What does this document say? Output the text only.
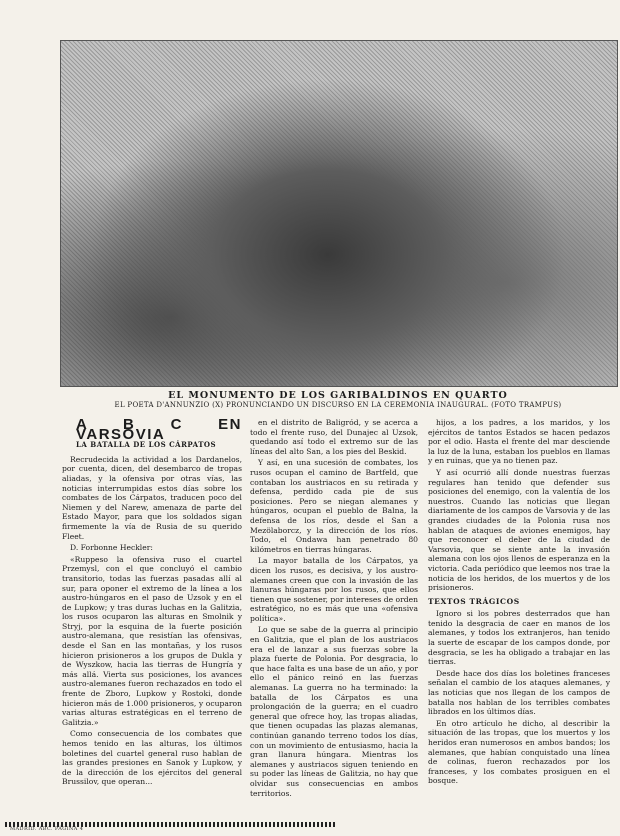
EL MONUMENTO DE LOS GARIBALDINOS EN QUARTO
EL POETA D'ANNUNZIO (X) PRONUNCIANDO UN DISCURSO EN LA CEREMONIA INAUGURAL. (FOTO TRAMPUS)
A B C EN VARSOVIA
LA BATALLA DE LOS CÁRPATOS

Recrudecida la actividad a los Dardanelos, por cuenta, dicen, del desembarco de tropas aliadas, y la ofensiva por otras vías, las noticias interrumpidas estos días sobre los combates de los Cárpatos, traducen poco del Niemen y del Narew, amenaza de parte del Estado Mayor, para que los soldados sigan firmemente la vía de Rusia de su querido Fleet.

D. Forbonne Heckler:

«Ruppeso la ofensiva ruso el cuartel Przemysl, con el que concluyó el cambio transitorio, todas las fuerzas pasadas allí al sur, para oponer el extremo de la línea a los austro-húngaros en el paso de Uzsok y en el de Lupkow; y tras duras luchas en la Galitzia, los rusos ocuparon las alturas en Smolnik y Stryj, por la esquina de la fuerte posición austro-alemana, que resistían las ofensivas, desde el San en las montañas, y los rusos hicieron prisioneros a los grupos de Dukla y de Wyszkow, hacia las tierras de Hungría y más allá. Vierta sus posiciones, los avances austro-alemanes fueron rechazados en todo el frente de Zboro, Lupkow y Rostoki, donde hicieron más de 1.000 prisioneros, y ocuparon varias alturas estratégicas en el terreno de Galitzia.»

Como consecuencia de los combates que hemos tenido en las alturas, los últimos boletines del cuartel general ruso hablan de las grandes presiones en Sanok y Lupkow, y de la dirección de los ejércitos del general Brussilov, que operan...

en el distrito de Baligród, y se acerca a todo el frente ruso, del Dunajec al Uzsok, quedando así todo el extremo sur de las líneas del alto San, a los pies del Beskid.

Y así, en una sucesión de combates, los rusos ocupan el camino de Bartfeld, que contaban los austriacos en su retirada y defensa, perdido cada pie de sus posiciones. Pero se niegan alemanes y húngaros, ocupan el pueblo de Balna, la defensa de los ríos, desde el San a Mezölaborcz, y la dirección de los ríos. Todo, el Ondawa han penetrado 80 kilómetros en tierras húngaras.

La mayor batalla de los Cárpatos, ya dicen los rusos, es decisiva, y los austro-alemanes creen que con la invasión de las llanuras húngaras por los rusos, que ellos tienen que sostener, por intereses de orden estratégico, no es más que una «ofensiva política».

Lo que se sabe de la guerra al principio en Galitzia, que el plan de los austriacos era el de lanzar a sus fuerzas sobre la plaza fuerte de Polonia. Por desgracia, lo que hace falta es una base de un año, y por ello el pánico reinó en las fuerzas alemanas. La guerra no ha terminado: la batalla de los Cárpatos es una prolongación de la guerra; en el cuadro general que ofrece hoy, las tropas aliadas, que tienen ocupadas las plazas alemanas, continúan ganando terreno todos los días, con un movimiento de entusiasmo, hacia la gran llanura húngara. Mientras los alemanes y austriacos siguen teniendo en su poder las líneas de Galitzia, no hay que olvidar sus consecuencias en ambos territorios.

hijos, a los padres, a los maridos, y los ejércitos de tantos Estados se hacen pedazos por el odio. Hasta el frente del mar desciende la luz de la luna, estaban los pueblos en llamas y en ruinas, que ya no tienen paz.

Y así ocurrió allí donde nuestras fuerzas regulares han tenido que defender sus posiciones del enemigo, con la valentía de los nuestros. Cuando las noticias que llegan diariamente de los campos de Varsovia y de las grandes ciudades de la Polonia rusa nos hablan de ataques de aviones enemigos, hay que reconocer el deber de la ciudad de Varsovia, que se siente ante la invasión alemana con los ojos llenos de esperanza en la victoria. Cada periódico que leemos nos trae la noticia de los heridos, de los muertos y de los prisioneros.

TEXTOS TRÁGICOS

Ignoro si los pobres desterrados que han tenido la desgracia de caer en manos de los alemanes, y todos los extranjeros, han tenido la suerte de escapar de los campos donde, por desgracia, se les ha obligado a trabajar en las tierras.

Desde hace dos días los boletines franceses señalan el cambio de los ataques alemanes, y las noticias que nos llegan de los campos de batalla nos hablan de los terribles combates librados en los últimos días.

En otro artículo he dicho, al describir la situación de las tropas, que los muertos y los heridos eran numerosos en ambos bandos; los alemanes, que habían conquistado una línea de colinas, fueron rechazados por los franceses, y los combates prosiguen en el bosque.

MADRID. ABC. PÁGINA 4
